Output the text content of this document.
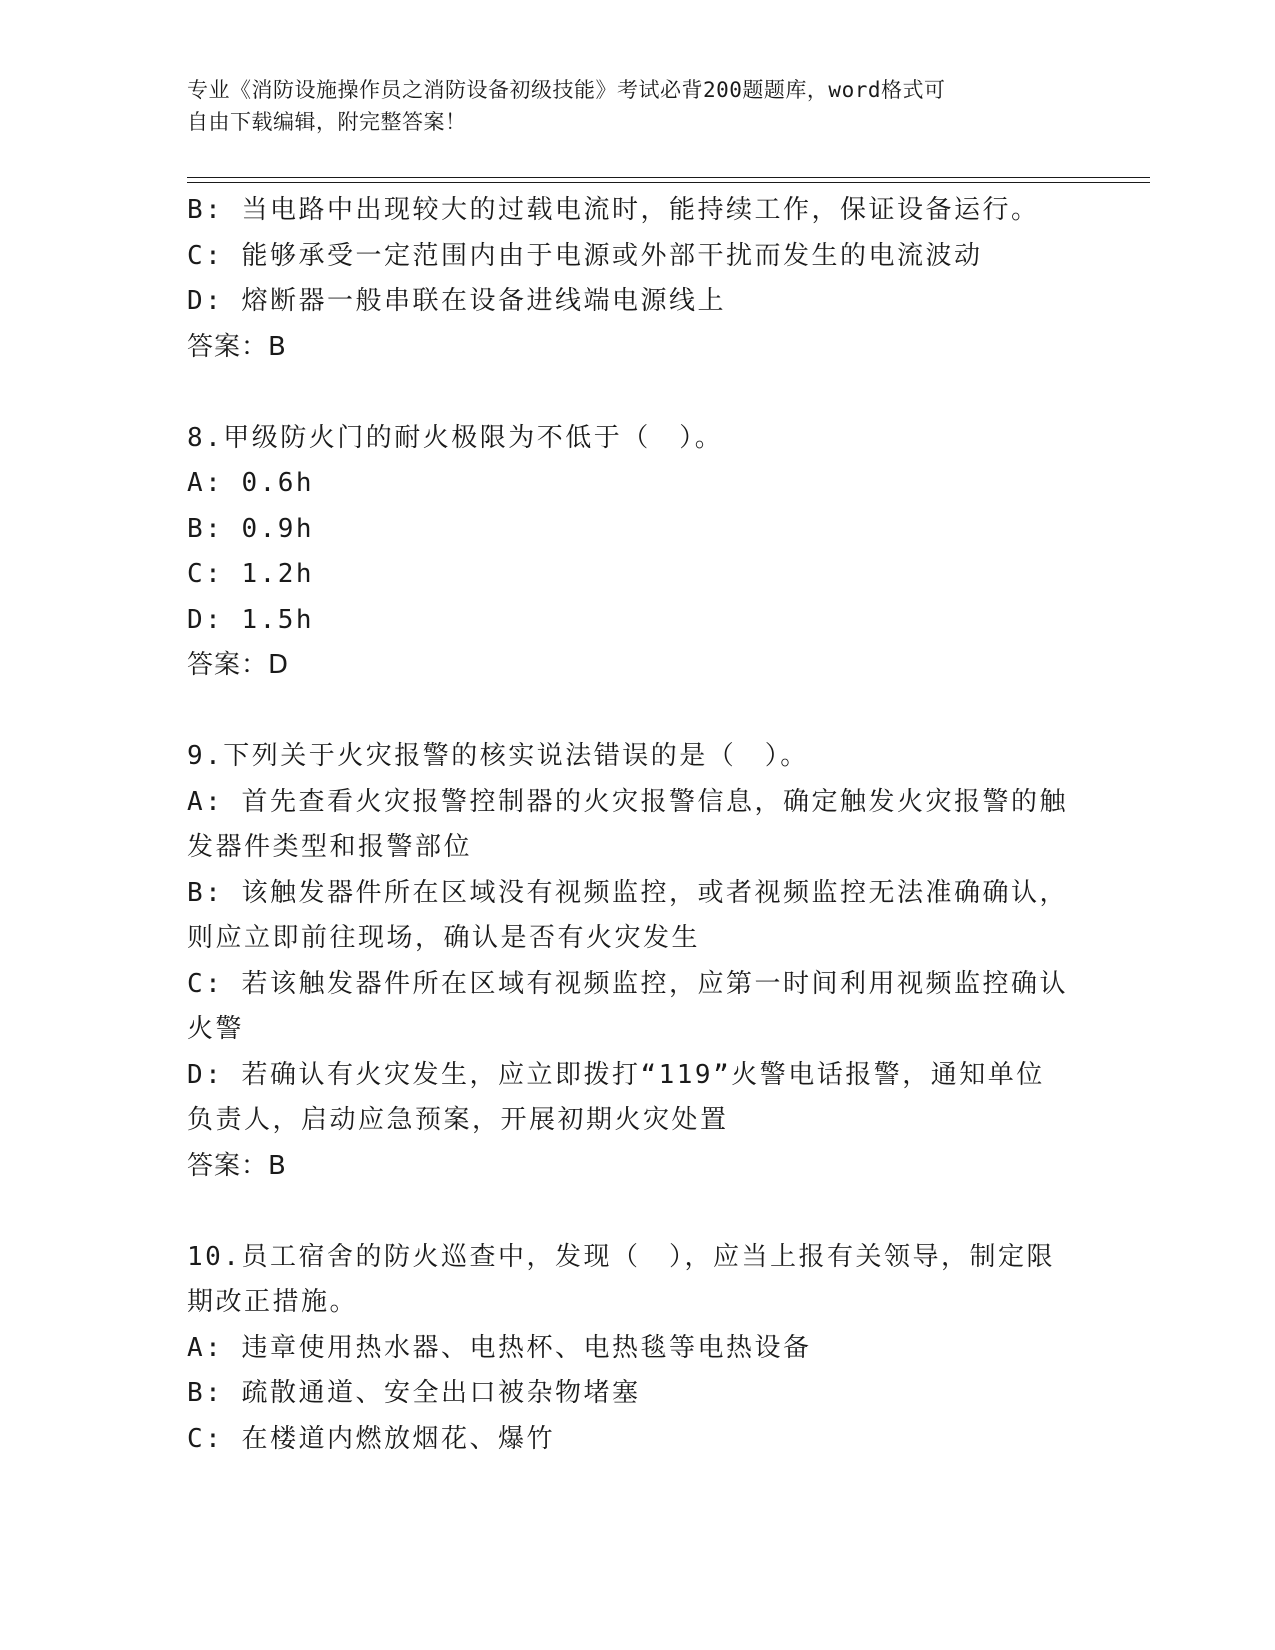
专业《消防设施操作员之消防设备初级技能》考试必背200题题库，word格式可
自由下载编辑，附完整答案！
B: 当电路中出现较大的过载电流时，能持续工作，保证设备运行。
C: 能够承受一定范围内由于电源或外部干扰而发生的电流波动
D: 熔断器一般串联在设备进线端电源线上
答案：B
8.甲级防火门的耐火极限为不低于（　）。
A: 0.6h
B: 0.9h
C: 1.2h
D: 1.5h
答案：D
9.下列关于火灾报警的核实说法错误的是（　）。
A: 首先查看火灾报警控制器的火灾报警信息，确定触发火灾报警的触
发器件类型和报警部位
B: 该触发器件所在区域没有视频监控，或者视频监控无法准确确认，
则应立即前往现场，确认是否有火灾发生
C: 若该触发器件所在区域有视频监控，应第一时间利用视频监控确认
火警
D: 若确认有火灾发生，应立即拨打“119”火警电话报警，通知单位
负责人，启动应急预案，开展初期火灾处置
答案：B
10.员工宿舍的防火巡查中，发现（　），应当上报有关领导，制定限
期改正措施。
A: 违章使用热水器、电热杯、电热毯等电热设备
B: 疏散通道、安全出口被杂物堵塞
C: 在楼道内燃放烟花、爆竹
